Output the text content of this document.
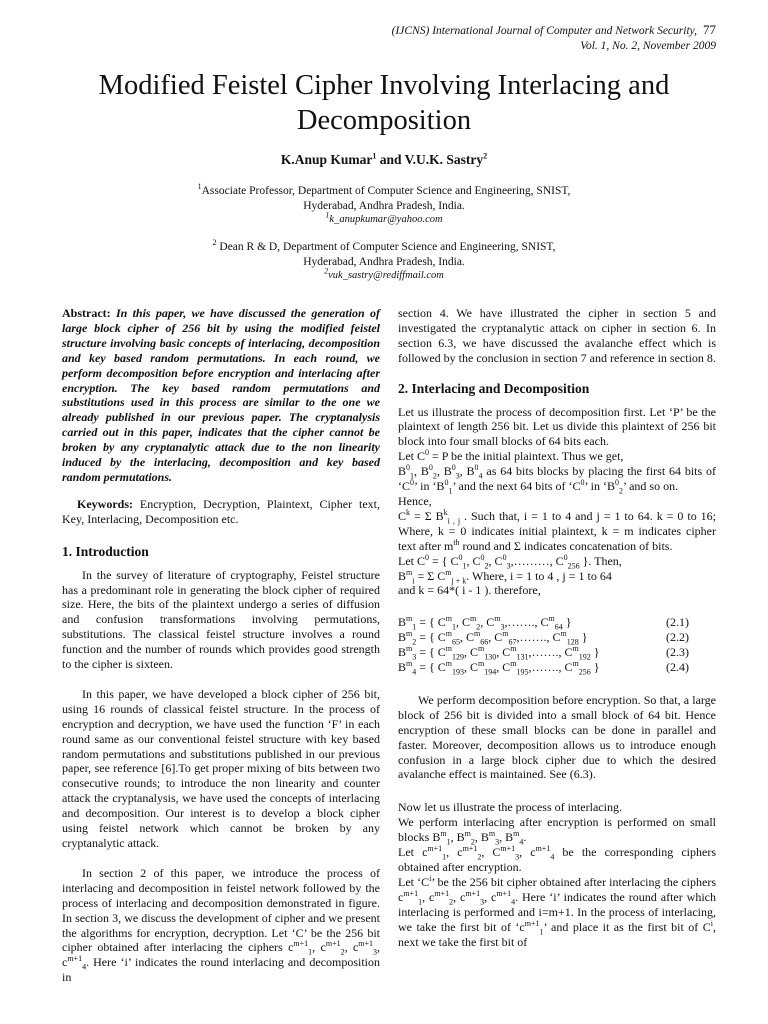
(IJCNS) International Journal of Computer and Network Security, 77
Vol. 1, No. 2, November 2009
Modified Feistel Cipher Involving Interlacing and Decomposition
K.Anup Kumar$^1$ and V.U.K. Sastry$^2$
$^1$Associate Professor, Department of Computer Science and Engineering, SNIST,
Hyderabad, Andhra Pradesh, India.
$^1$k_anupkumar@yahoo.com
$^2$ Dean R & D, Department of Computer Science and Engineering, SNIST,
Hyderabad, Andhra Pradesh, India.
$^2$vuk_sastry@rediffmail.com

Abstract: In this paper, we have discussed the generation of large block cipher of 256 bit by using the modified feistel structure involving basic concepts of interlacing, decomposition and key based random permutations. In each round, we perform decomposition before encryption and interlacing after encryption. The key based random permutations and substitutions used in this process are similar to the one we already published in our previous paper. The cryptanalysis carried out in this paper, indicates that the cipher cannot be broken by any cryptanalytic attack due to the non linearity induced by the interlacing, decomposition and key based random permutations.

Keywords: Encryption, Decryption, Plaintext, Cipher text, Key, Interlacing, Decomposition etc.

1. Introduction

In the survey of literature of cryptography, Feistel structure has a predominant role in generating the block cipher of required size. Here, the bits of the plaintext undergo a series of diffusion and confusion transformations involving permutations, substitutions. The classical feistel structure involves a round function and the number of rounds which provides good strength to the cipher is sixteen.

In this paper, we have developed a block cipher of 256 bit, using 16 rounds of classical feistel structure. In the process of encryption and decryption, we have used the function ‘F’ in each round same as our conventional feistel structure with key based random permutations and substitutions published in our previous paper, see reference [6].To get proper mixing of bits between two consecutive rounds; to introduce the non linearity and counter attack the cryptanalysis, we have used the concepts of interlacing and decomposition. Our interest is to develop a block cipher using feistel network which cannot be broken by any cryptanalytic attack.

In section 2 of this paper, we introduce the process of interlacing and decomposition in feistel network followed by the process of interlacing and decomposition demonstrated in figure. In section 3, we discuss the development of cipher and we present the algorithms for encryption, decryption. Let ‘C’ be the 256 bit cipher obtained after interlacing the ciphers $c^{m+1}_1$, $c^{m+1}_2$, $c^{m+1}_3$, $c^{m+1}_4$. Here ‘i’ indicates the round interlacing and decomposition in

section 4. We have illustrated the cipher in section 5 and investigated the cryptanalytic attack on cipher in section 6. In section 6.3, we have discussed the avalanche effect which is followed by the conclusion in section 7 and reference in section 8.

2. Interlacing and Decomposition

Let us illustrate the process of decomposition first. Let ‘P’ be the plaintext of length 256 bit. Let us divide this plaintext of 256 bit block into four small blocks of 64 bits each.

Let $C^0 = P$ be the initial plaintext. Thus we get,

$B^0_1$, $B^0_2$, $B^0_3$, $B^0_4$ as 64 bits blocks by placing the first 64 bits of ‘$C^0$’ in ‘$B^0_1$’ and the next 64 bits of ‘$C^0$’ in ‘$B^0_2$’ and so on.

Hence,

$C^k = \Sigma$ $B^k_{i , j}$ . Such that, i = 1 to 4 and j = 1 to 64. k = 0 to 16; Where, k = 0 indicates initial plaintext, k = m indicates cipher text after $m^{th}$ round and Σ indicates concatenation of bits.

Let $C^0$ = { $C^0_1$, $C^0_2$, $C^0_3,\dots\dots\dots$, $C^0_{256}$ }. Then,

$B^m_i = \Sigma$ $C^m_{j + k}$. Where, i = 1 to 4 , j = 1 to 64

and k = 64*( i - 1 ). therefore,

$B^m_1$ = { $C^m_1$, $C^m_2$, $C^m_3,\dots\dots$., $C^m_{64}$ }	(2.1)
$B^m_2$ = { $C^m_{65}$, $C^m_{66}$, $C^m_{67},\dots\dots$., $C^m_{128}$ }	(2.2)
$B^m_3$ = { $C^m_{129}$, $C^m_{130}$, $C^m_{131},\dots\dots$., $C^m_{192}$ }	(2.3)
$B^m_4$ = { $C^m_{193}$, $C^m_{194}$, $C^m_{195},\dots\dots$., $C^m_{256}$ }	(2.4)

We perform decomposition before encryption. So that, a large block of 256 bit is divided into a small block of 64 bit. Hence encryption of these small blocks can be done in parallel and faster. Moreover, decomposition allows us to introduce enough confusion in a large block cipher due to which the desired avalanche effect is maintained. See (6.3).

Now let us illustrate the process of interlacing.

We perform interlacing after encryption is performed on small blocks $B^m_1$, $B^m_2$, $B^m_3$, $B^m_4$.

Let $c^{m+1}_1$, $c^{m+1}_2$, $C^{m+1}_3$, $c^{m+1}_4$ be the corresponding ciphers obtained after encryption.

Let ‘$C^i$’ be the 256 bit cipher obtained after interlacing the ciphers $c^{m+1}_1$, $c^{m+1}_2$, $c^{m+1}_3$, $c^{m+1}_4$. Here ‘i’ indicates the round after which interlacing is performed and i=m+1. In the process of interlacing, we take the first bit of ‘$c^{m+1}_1$’ and place it as the first bit of $C^i$, next we take the first bit of
